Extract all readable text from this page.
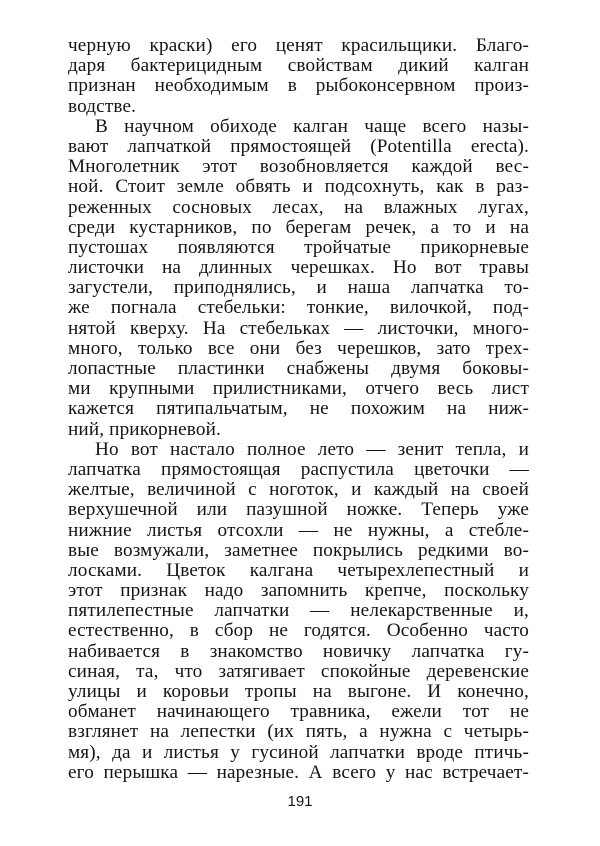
черную краски) его ценят красильщики. Благо-
даря бактерицидным свойствам дикий калган
признан необходимым в рыбоконсервном произ-
водстве.
В научном обиходе калган чаще всего назы-
вают лапчаткой прямостоящей (Potentilla erecta).
Многолетник этот возобновляется каждой вес-
ной. Стоит земле обвять и подсохнуть, как в раз-
реженных сосновых лесах, на влажных лугах,
среди кустарников, по берегам речек, а то и на
пустошах появляются тройчатые прикорневые
листочки на длинных черешках. Но вот травы
загустели, приподнялись, и наша лапчатка то-
же погнала стебельки: тонкие, вилочкой, под-
нятой кверху. На стебельках — листочки, много-
много, только все они без черешков, зато трех-
лопастные пластинки снабжены двумя боковы-
ми крупными прилистниками, отчего весь лист
кажется пятипальчатым, не похожим на ниж-
ний, прикорневой.
Но вот настало полное лето — зенит тепла, и
лапчатка прямостоящая распустила цветочки —
желтые, величиной с ноготок, и каждый на своей
верхушечной или пазушной ножке. Теперь уже
нижние листья отсохли — не нужны, а стебле-
вые возмужали, заметнее покрылись редкими во-
лосками. Цветок калгана четырехлепестный и
этот признак надо запомнить крепче, поскольку
пятилепестные лапчатки — нелекарственные и,
естественно, в сбор не годятся. Особенно часто
набивается в знакомство новичку лапчатка гу-
синая, та, что затягивает спокойные деревенские
улицы и коровьи тропы на выгоне. И конечно,
обманет начинающего травника, ежели тот не
взглянет на лепестки (их пять, а нужна с четырь-
мя), да и листья у гусиной лапчатки вроде птичь-
его перышка — нарезные. А всего у нас встречает-
191
